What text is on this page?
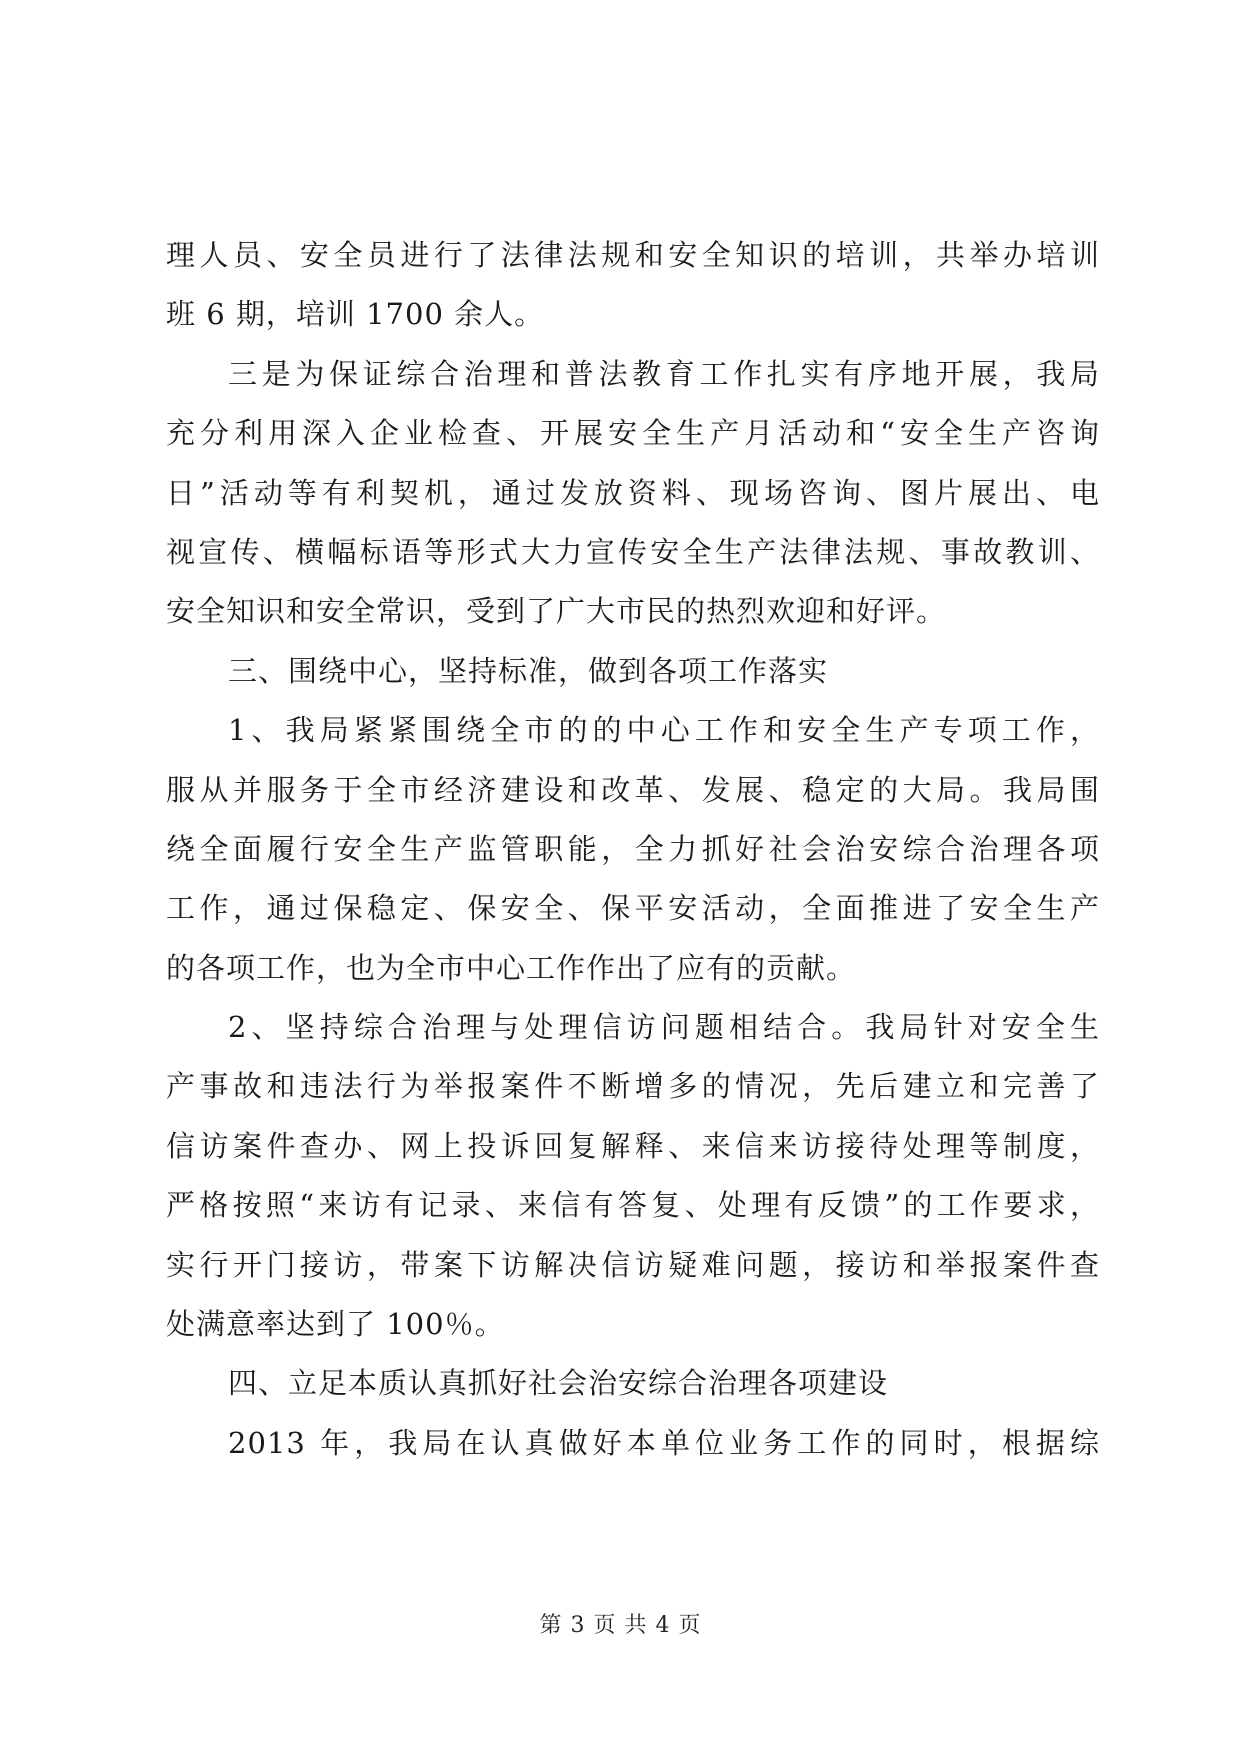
理人员、安全员进行了法律法规和安全知识的培训，共举办培训
班 6 期，培训 1700 余人。
三是为保证综合治理和普法教育工作扎实有序地开展，我局
充分利用深入企业检查、开展安全生产月活动和“安全生产咨询
日”活动等有利契机，通过发放资料、现场咨询、图片展出、电
视宣传、横幅标语等形式大力宣传安全生产法律法规、事故教训、
安全知识和安全常识，受到了广大市民的热烈欢迎和好评。
三、围绕中心，坚持标准，做到各项工作落实
1、我局紧紧围绕全市的的中心工作和安全生产专项工作，
服从并服务于全市经济建设和改革、发展、稳定的大局。我局围
绕全面履行安全生产监管职能，全力抓好社会治安综合治理各项
工作，通过保稳定、保安全、保平安活动，全面推进了安全生产
的各项工作，也为全市中心工作作出了应有的贡献。
2、坚持综合治理与处理信访问题相结合。我局针对安全生
产事故和违法行为举报案件不断增多的情况，先后建立和完善了
信访案件查办、网上投诉回复解释、来信来访接待处理等制度，
严格按照“来访有记录、来信有答复、处理有反馈”的工作要求，
实行开门接访，带案下访解决信访疑难问题，接访和举报案件查
处满意率达到了 100％。
四、立足本质认真抓好社会治安综合治理各项建设
2013 年，我局在认真做好本单位业务工作的同时，根据综
第 3 页 共 4 页
